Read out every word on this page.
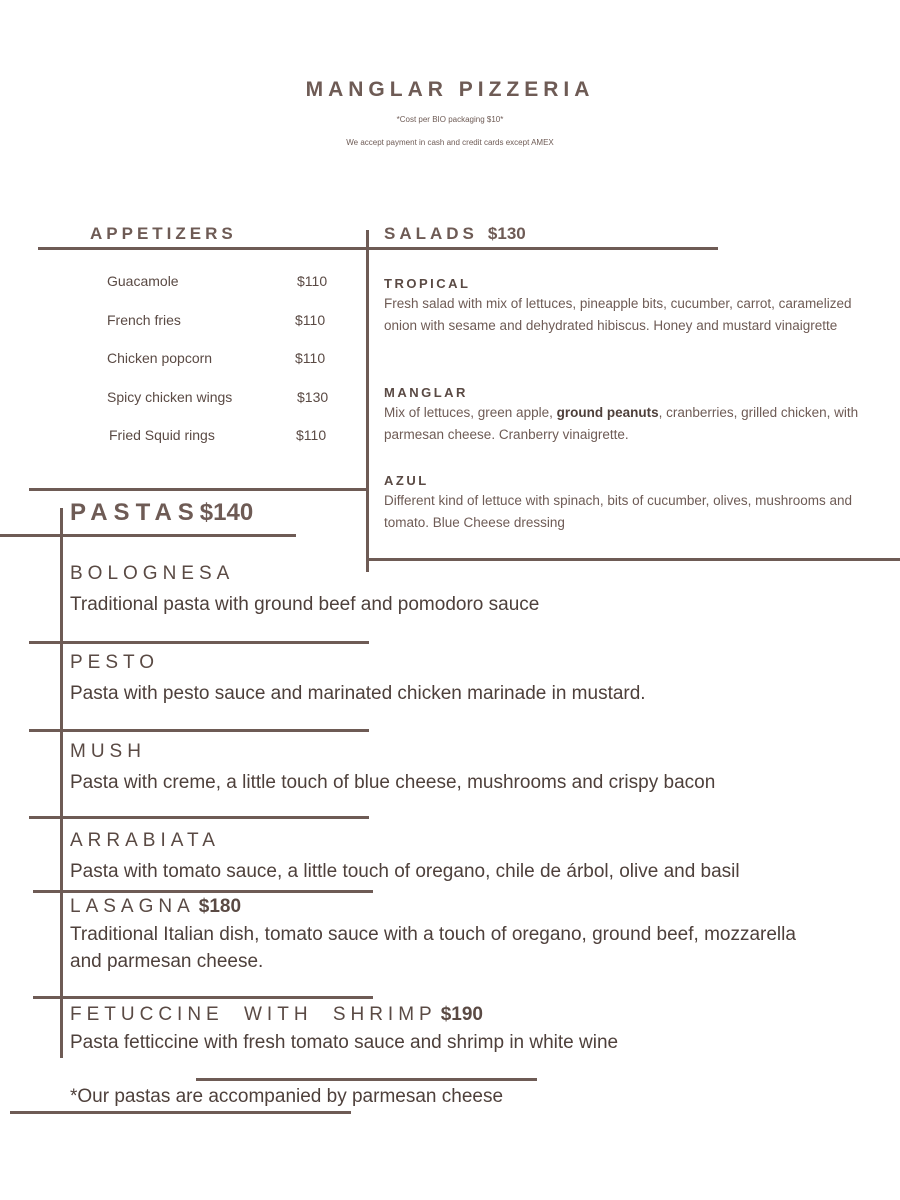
MANGLAR PIZZERIA
*Cost per BIO packaging $10*
We accept payment in cash and credit cards except AMEX
APPETIZERS
Guacamole	$110
French fries	$110
Chicken popcorn	$110
Spicy chicken wings	$130
Fried Squid rings	$110
SALADS $130
TROPICAL
Fresh salad with mix of lettuces, pineapple bits, cucumber, carrot, caramelized onion with sesame and dehydrated hibiscus. Honey and mustard vinaigrette
MANGLAR
Mix of lettuces, green apple, ground peanuts, cranberries, grilled chicken, with parmesan cheese. Cranberry vinaigrette.
AZUL
Different kind of lettuce with spinach, bits of cucumber, olives, mushrooms and tomato. Blue Cheese dressing
PASTAS$140
BOLOGNESA
Traditional pasta with ground beef and pomodoro sauce
PESTO
Pasta with pesto sauce and marinated chicken marinade in mustard.
MUSH
Pasta with creme, a little touch of blue cheese, mushrooms and crispy bacon
ARRABIATA
Pasta with tomato sauce, a little touch of oregano, chile de árbol, olive and basil
LASAGNA $180
Traditional Italian dish, tomato sauce with a touch of oregano, ground beef, mozzarella and parmesan cheese.
FETUCCINE WITH SHRIMP $190
Pasta fetticcine with fresh tomato sauce and shrimp in white wine
*Our pastas are accompanied by parmesan cheese
